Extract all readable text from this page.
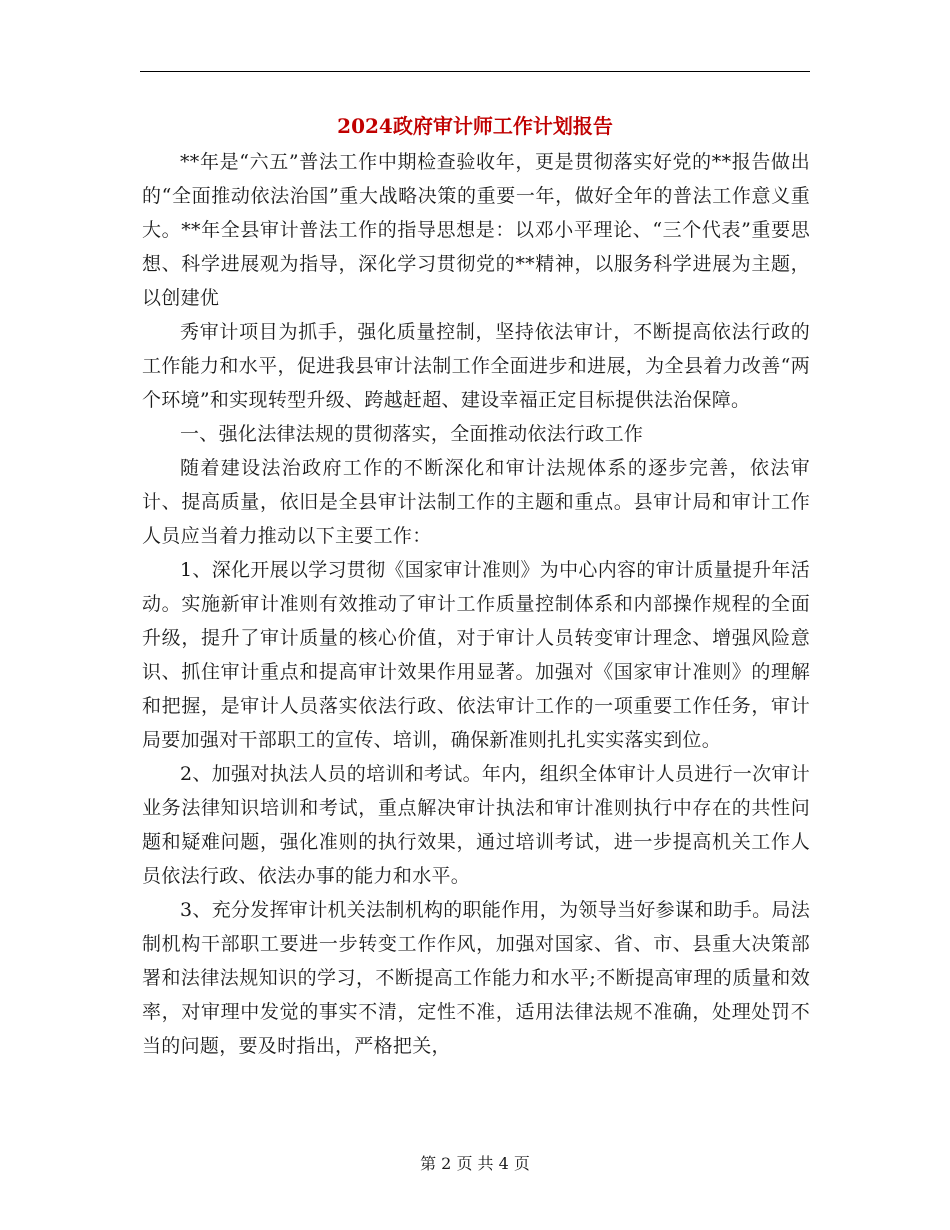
2024政府审计师工作计划报告

**年是“六五”普法工作中期检查验收年，更是贯彻落实好党的**报告做出的“全面推动依法治国”重大战略决策的重要一年，做好全年的普法工作意义重大。**年全县审计普法工作的指导思想是：以邓小平理论、“三个代表”重要思想、科学进展观为指导，深化学习贯彻党的**精神，以服务科学进展为主题，以创建优

秀审计项目为抓手，强化质量控制，坚持依法审计，不断提高依法行政的工作能力和水平，促进我县审计法制工作全面进步和进展，为全县着力改善“两个环境”和实现转型升级、跨越赶超、建设幸福正定目标提供法治保障。

一、强化法律法规的贯彻落实，全面推动依法行政工作

随着建设法治政府工作的不断深化和审计法规体系的逐步完善，依法审计、提高质量，依旧是全县审计法制工作的主题和重点。县审计局和审计工作人员应当着力推动以下主要工作：

1、深化开展以学习贯彻《国家审计准则》为中心内容的审计质量提升年活动。实施新审计准则有效推动了审计工作质量控制体系和内部操作规程的全面升级，提升了审计质量的核心价值，对于审计人员转变审计理念、增强风险意识、抓住审计重点和提高审计效果作用显著。加强对《国家审计准则》的理解和把握，是审计人员落实依法行政、依法审计工作的一项重要工作任务，审计局要加强对干部职工的宣传、培训，确保新准则扎扎实实落实到位。

2、加强对执法人员的培训和考试。年内，组织全体审计人员进行一次审计业务法律知识培训和考试，重点解决审计执法和审计准则执行中存在的共性问题和疑难问题，强化准则的执行效果，通过培训考试，进一步提高机关工作人员依法行政、依法办事的能力和水平。

3、充分发挥审计机关法制机构的职能作用，为领导当好参谋和助手。局法制机构干部职工要进一步转变工作作风，加强对国家、省、市、县重大决策部署和法律法规知识的学习，不断提高工作能力和水平;不断提高审理的质量和效率，对审理中发觉的事实不清，定性不准，适用法律法规不准确，处理处罚不当的问题，要及时指出，严格把关，

第 2 页 共 4 页
